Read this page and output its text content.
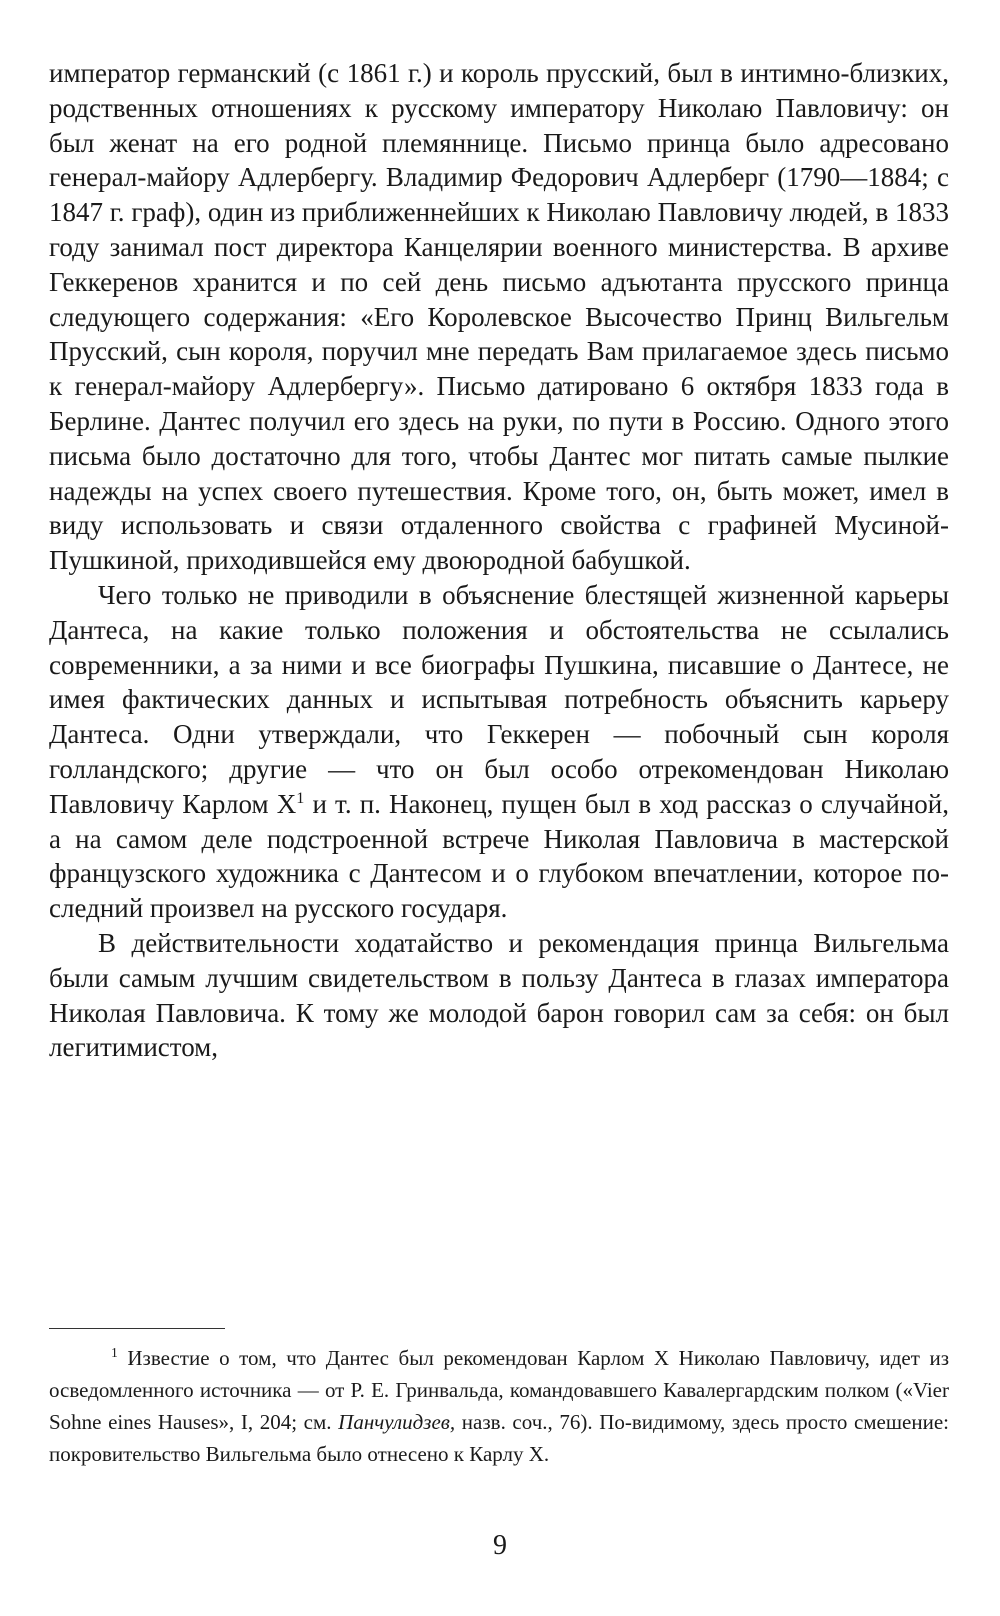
император германский (с 1861 г.) и король прусский, был в интимно-близких, родственных отношениях к русскому императору Николаю Павловичу: он был женат на его родной племяннице. Письмо принца было адресовано генерал-майору Адлербергу. Владимир Федорович Адлерберг (1790—1884; с 1847 г. граф), один из приближеннейших к Николаю Павловичу людей, в 1833 году занимал пост директора Канцелярии военного министерства. В архиве Геккеренов хранится и по сей день письмо адъютанта прусского принца следующего содержания: «Его Королевское Высочество Принц Вильгельм Прусский, сын короля, поручил мне передать Вам прилагаемое здесь письмо к генерал-майору Адлербергу». Письмо датировано 6 октября 1833 года в Берлине. Дантес получил его здесь на руки, по пути в Россию. Одного этого письма было достаточно для того, чтобы Дантес мог питать самые пылкие надежды на успех своего путешествия. Кроме того, он, быть может, имел в виду использовать и связи отдаленного свойства с графиней Мусиной-Пушкиной, приходившейся ему двоюродной бабушкой.

Чего только не приводили в объяснение блестящей жизненной карьеры Дантеса, на какие только положения и обстоятельства не ссылались современники, а за ними и все биографы Пушкина, писавшие о Дантесе, не имея фактических данных и испытывая потребность объяснить карьеру Дантеса. Одни утверждали, что Геккерен — побочный сын короля голландского; другие — что он был особо отрекомендован Николаю Павловичу Карлом $X^1$ и т. п. Наконец, пущен был в ход рассказ о случайной, а на самом деле подстроенной встрече Николая Павловича в мастерской французского художника с Дантесом и о глубоком впечатлении, которое последний произвел на русского государя.

В действительности ходатайство и рекомендация принца Вильгельма были самым лучшим свидетельством в пользу Дантеса в глазах императора Николая Павловича. К тому же молодой барон говорил сам за себя: он был легитимистом,

$^1$ Известие о том, что Дантес был рекомендован Карлом X Николаю Павловичу, идет из осведомленного источника — от Р. Е. Гринвальда, командовавшего Кавалергардским полком («Vier Sohne eines Hauses», I, 204; см. Панчулидзев, назв. соч., 76). По-видимому, здесь просто смешение: покровительство Вильгельма было отнесено к Карлу X.

9
